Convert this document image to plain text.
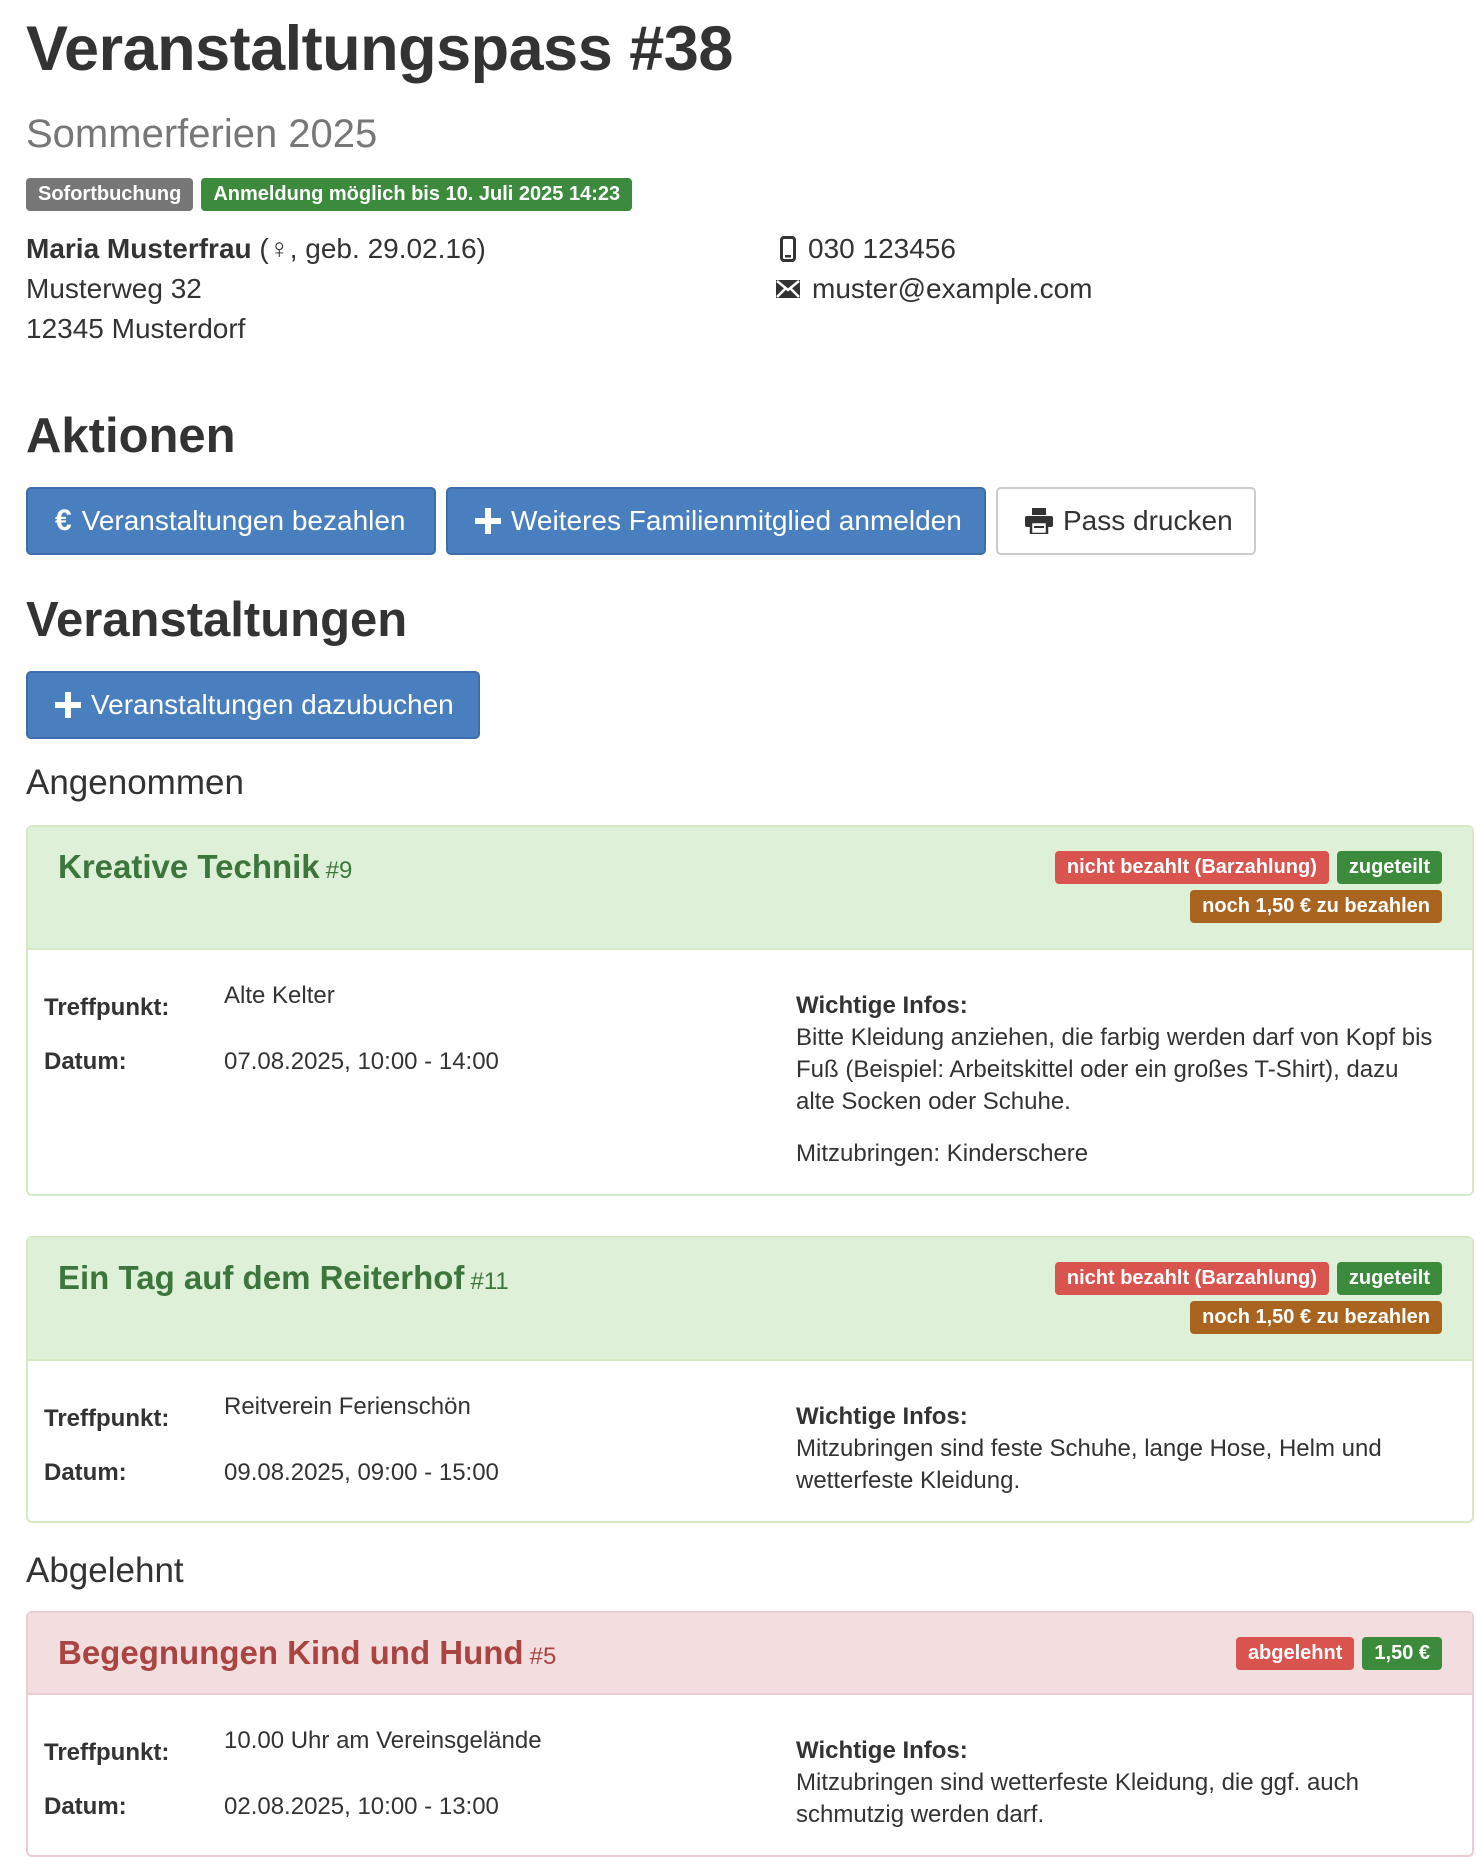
Veranstaltungspass #38
Sommerferien 2025
Sofortbuchung	Anmeldung möglich bis 10. Juli 2025 14:23
Maria Musterfrau (♀, geb. 29.02.16)
Musterweg 32
12345 Musterdorf
030 123456
muster@example.com
Aktionen
€ Veranstaltungen bezahlen	Weiteres Familienmitglied anmelden	Pass drucken
Veranstaltungen
Veranstaltungen dazubuchen
Angenommen
Kreative Technik #9	nicht bezahlt (Barzahlung)	zugeteilt
noch 1,50 € zu bezahlen
Treffpunkt:	Alte Kelter
Datum:	07.08.2025, 10:00 - 14:00
Wichtige Infos:

Bitte Kleidung anziehen, die farbig werden darf von Kopf bis Fuß (Beispiel: Arbeitskittel oder ein großes T-Shirt), dazu alte Socken oder Schuhe.

Mitzubringen: Kinderschere

Ein Tag auf dem Reiterhof #11	nicht bezahlt (Barzahlung)	zugeteilt
noch 1,50 € zu bezahlen
Treffpunkt:	Reitverein Ferienschön
Datum:	09.08.2025, 09:00 - 15:00
Wichtige Infos:

Mitzubringen sind feste Schuhe, lange Hose, Helm und wetterfeste Kleidung.

Abgelehnt
Begegnungen Kind und Hund #5	abgelehnt	1,50 €
Treffpunkt:	10.00 Uhr am Vereinsgelände
Datum:	02.08.2025, 10:00 - 13:00
Wichtige Infos:

Mitzubringen sind wetterfeste Kleidung, die ggf. auch schmutzig werden darf.
